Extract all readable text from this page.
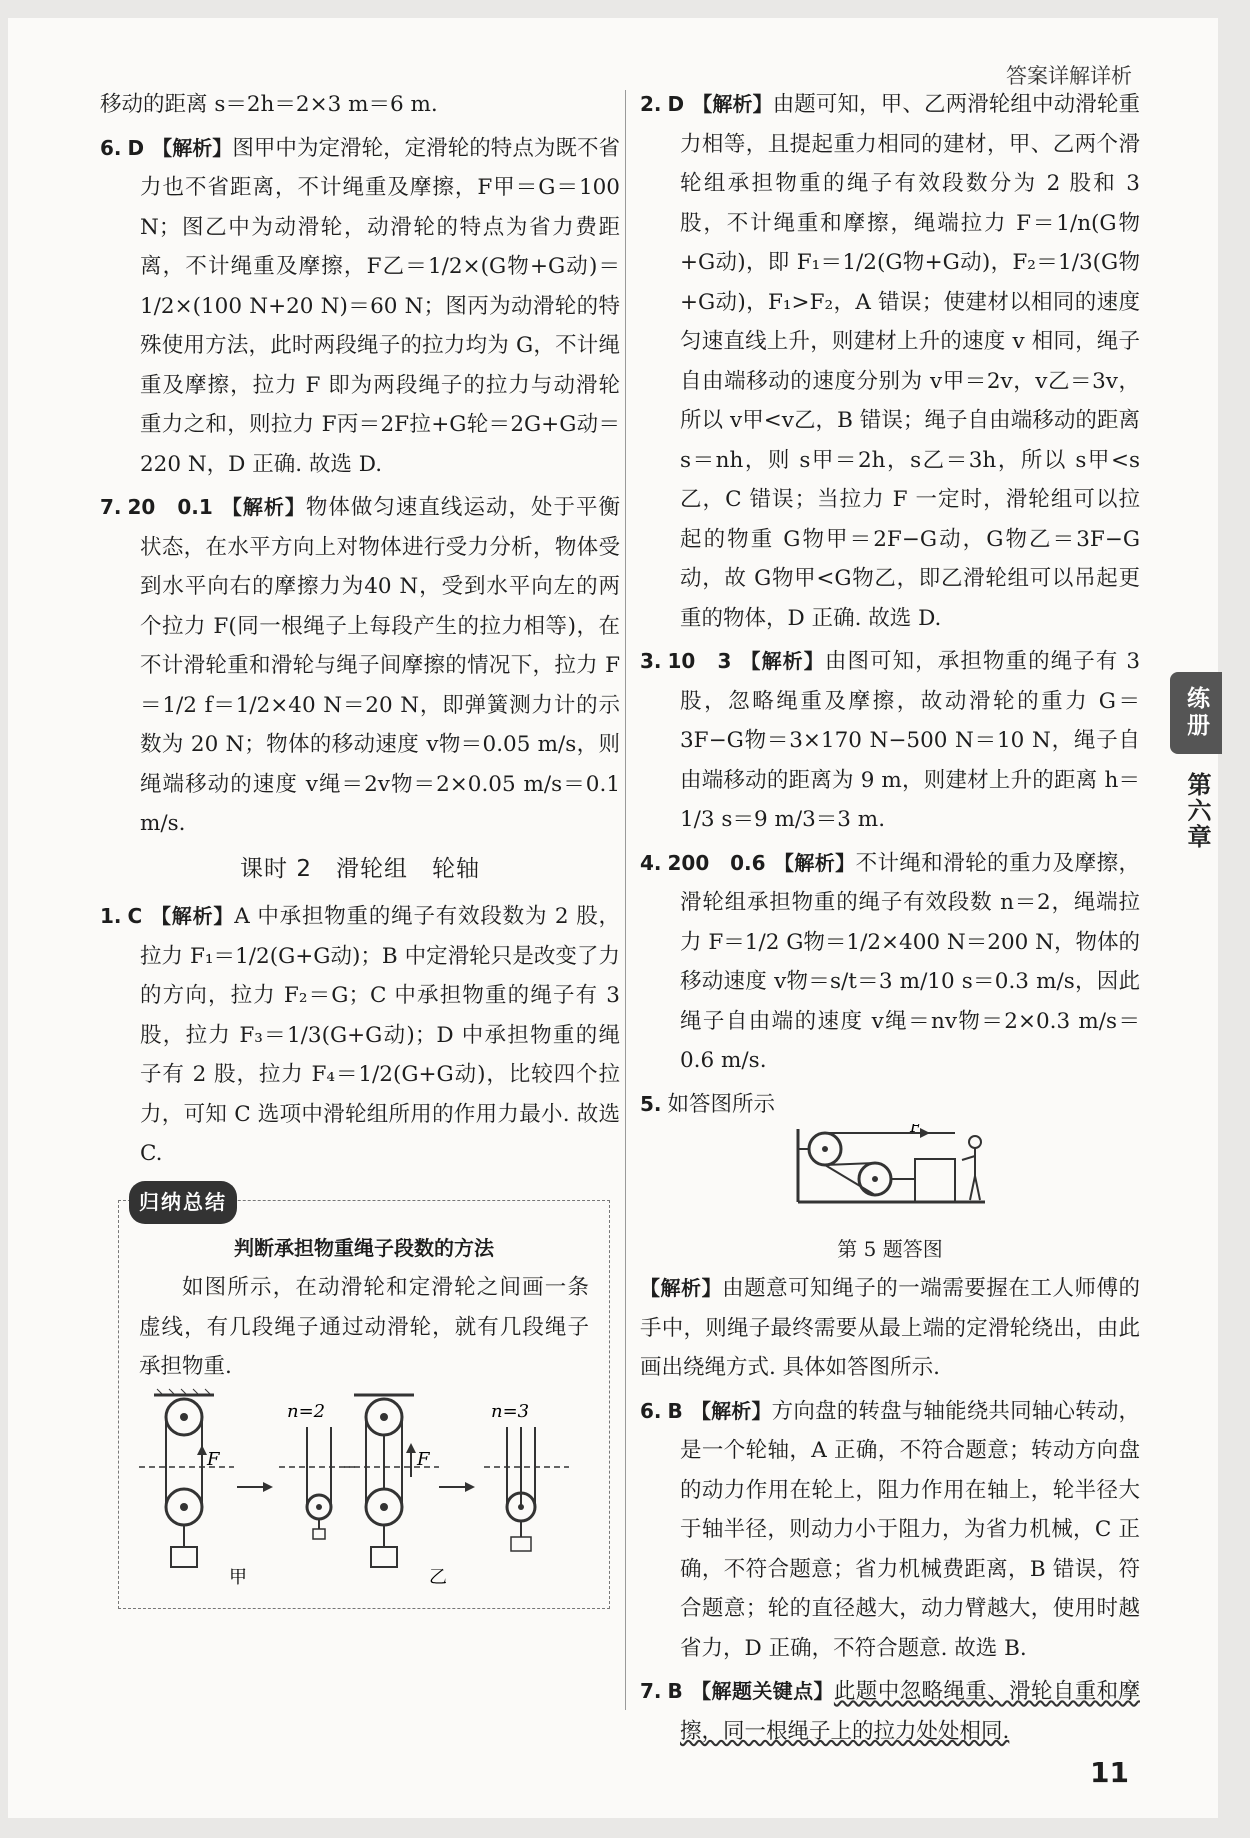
答案详解详析
移动的距离 s＝2h＝2×3 m＝6 m.
6. D 【解析】图甲中为定滑轮，定滑轮的特点为既不省力也不省距离，不计绳重及摩擦，F甲＝G＝100 N；图乙中为动滑轮，动滑轮的特点为省力费距离，不计绳重及摩擦，F乙＝1/2×(G物+G动)＝1/2×(100 N+20 N)＝60 N；图丙为动滑轮的特殊使用方法，此时两段绳子的拉力均为 G，不计绳重及摩擦，拉力 F 即为两段绳子的拉力与动滑轮重力之和，则拉力 F丙＝2F拉+G轮＝2G+G动＝220 N，D 正确. 故选 D.
7. 20　0.1 【解析】物体做匀速直线运动，处于平衡状态，在水平方向上对物体进行受力分析，物体受到水平向右的摩擦力为40 N，受到水平向左的两个拉力 F(同一根绳子上每段产生的拉力相等)，在不计滑轮重和滑轮与绳子间摩擦的情况下，拉力 F＝1/2 f＝1/2×40 N＝20 N，即弹簧测力计的示数为 20 N；物体的移动速度 v物＝0.05 m/s，则绳端移动的速度 v绳＝2v物＝2×0.05 m/s＝0.1 m/s.
课时 2　滑轮组　轮轴
1. C 【解析】A 中承担物重的绳子有效段数为 2 股，拉力 F₁＝1/2(G+G动)；B 中定滑轮只是改变了力的方向，拉力 F₂＝G；C 中承担物重的绳子有 3 股，拉力 F₃＝1/3(G+G动)；D 中承担物重的绳子有 2 股，拉力 F₄＝1/2(G+G动)，比较四个拉力，可知 C 选项中滑轮组所用的作用力最小. 故选 C.
归纳总结
判断承担物重绳子段数的方法
如图所示，在动滑轮和定滑轮之间画一条虚线，有几段绳子通过动滑轮，就有几段绳子承担物重.
F
n=2
F
n=3
甲	乙
2. D 【解析】由题可知，甲、乙两滑轮组中动滑轮重力相等，且提起重力相同的建材，甲、乙两个滑轮组承担物重的绳子有效段数分为 2 股和 3 股，不计绳重和摩擦，绳端拉力 F＝1/n(G物+G动)，即 F₁＝1/2(G物+G动)，F₂＝1/3(G物+G动)，F₁>F₂，A 错误；使建材以相同的速度匀速直线上升，则建材上升的速度 v 相同，绳子自由端移动的速度分别为 v甲＝2v，v乙＝3v，所以 v甲<v乙，B 错误；绳子自由端移动的距离 s＝nh，则 s甲＝2h，s乙＝3h，所以 s甲<s乙，C 错误；当拉力 F 一定时，滑轮组可以拉起的物重 G物甲＝2F−G动，G物乙＝3F−G动，故 G物甲<G物乙，即乙滑轮组可以吊起更重的物体，D 正确. 故选 D.
3. 10　3 【解析】由图可知，承担物重的绳子有 3 股，忽略绳重及摩擦，故动滑轮的重力 G＝3F−G物＝3×170 N−500 N＝10 N，绳子自由端移动的距离为 9 m，则建材上升的距离 h＝1/3 s＝9 m/3＝3 m.
4. 200　0.6 【解析】不计绳和滑轮的重力及摩擦，滑轮组承担物重的绳子有效段数 n＝2，绳端拉力 F＝1/2 G物＝1/2×400 N＝200 N，物体的移动速度 v物＝s/t＝3 m/10 s＝0.3 m/s，因此绳子自由端的速度 v绳＝nv物＝2×0.3 m/s＝0.6 m/s.
5. 如答图所示
F
第 5 题答图
【解析】由题意可知绳子的一端需要握在工人师傅的手中，则绳子最终需要从最上端的定滑轮绕出，由此画出绕绳方式. 具体如答图所示.
6. B 【解析】方向盘的转盘与轴能绕共同轴心转动，是一个轮轴，A 正确，不符合题意；转动方向盘的动力作用在轮上，阻力作用在轴上，轮半径大于轴半径，则动力小于阻力，为省力机械，C 正确，不符合题意；省力机械费距离，B 错误，符合题意；轮的直径越大，动力臂越大，使用时越省力，D 正确，不符合题意. 故选 B.
7. B 【解题关键点】此题中忽略绳重、滑轮自重和摩擦，同一根绳子上的拉力处处相同.
练册
第六章
11
